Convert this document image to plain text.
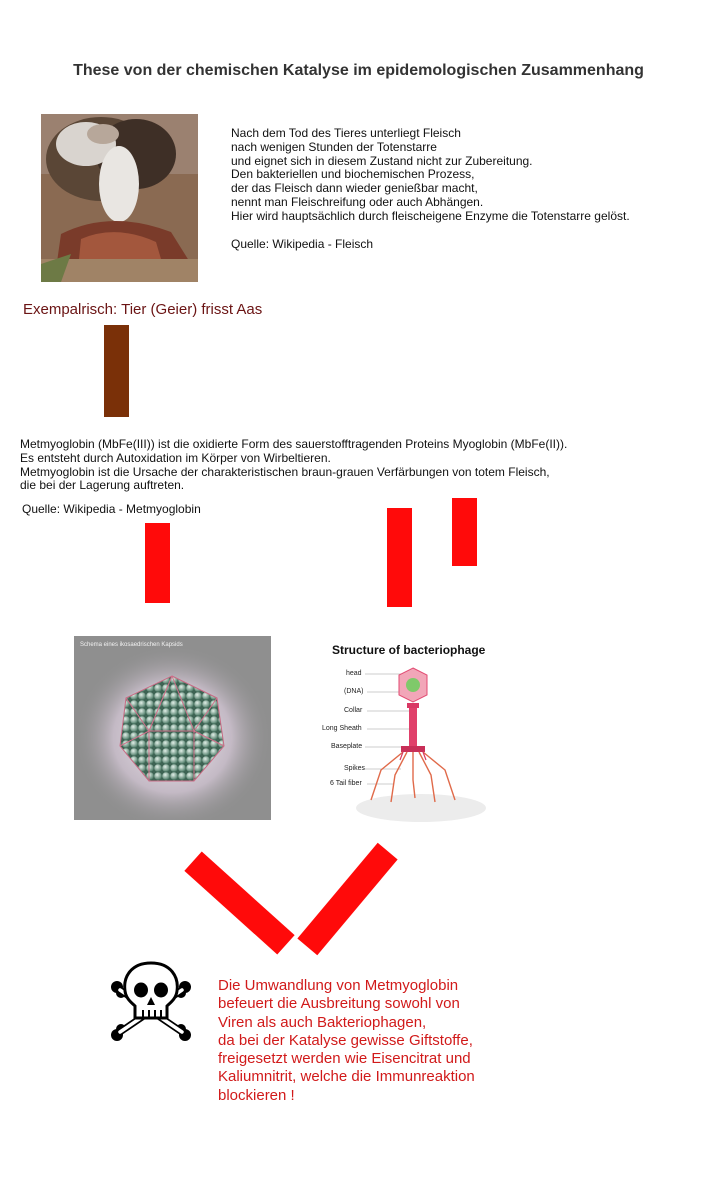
These von der chemischen Katalyse im epidemologischen Zusammenhang
Nach dem Tod des Tieres unterliegt Fleisch
nach wenigen Stunden der Totenstarre
und eignet sich in diesem Zustand nicht zur Zubereitung.
Den bakteriellen und biochemischen Prozess,
der das Fleisch dann wieder genießbar macht,
nennt man Fleischreifung oder auch Abhängen.
Hier wird hauptsächlich durch fleischeigene Enzyme die Totenstarre gelöst.
Quelle: Wikipedia - Fleisch
Exempalrisch: Tier (Geier) frisst Aas
Metmyoglobin (MbFe(III)) ist die oxidierte Form des sauerstofftragenden Proteins Myoglobin (MbFe(II)).
Es entsteht durch Autoxidation im Körper von Wirbeltieren.
Metmyoglobin ist die Ursache der charakteristischen braun-grauen Verfärbungen von totem Fleisch,
die bei der Lagerung auftreten.
Quelle: Wikipedia - Metmyoglobin
Schema eines ikosaedrischen Kapsids	Structure of bacteriophage
head
(DNA)
Collar
Long Sheath
Baseplate
Spikes
6 Tail fiber
Die Umwandlung von Metmyoglobin
befeuert die Ausbreitung sowohl von
Viren als auch Bakteriophagen,
da bei der Katalyse gewisse Giftstoffe,
freigesetzt werden wie Eisencitrat und
Kaliumnitrit, welche die Immunreaktion
blockieren !
